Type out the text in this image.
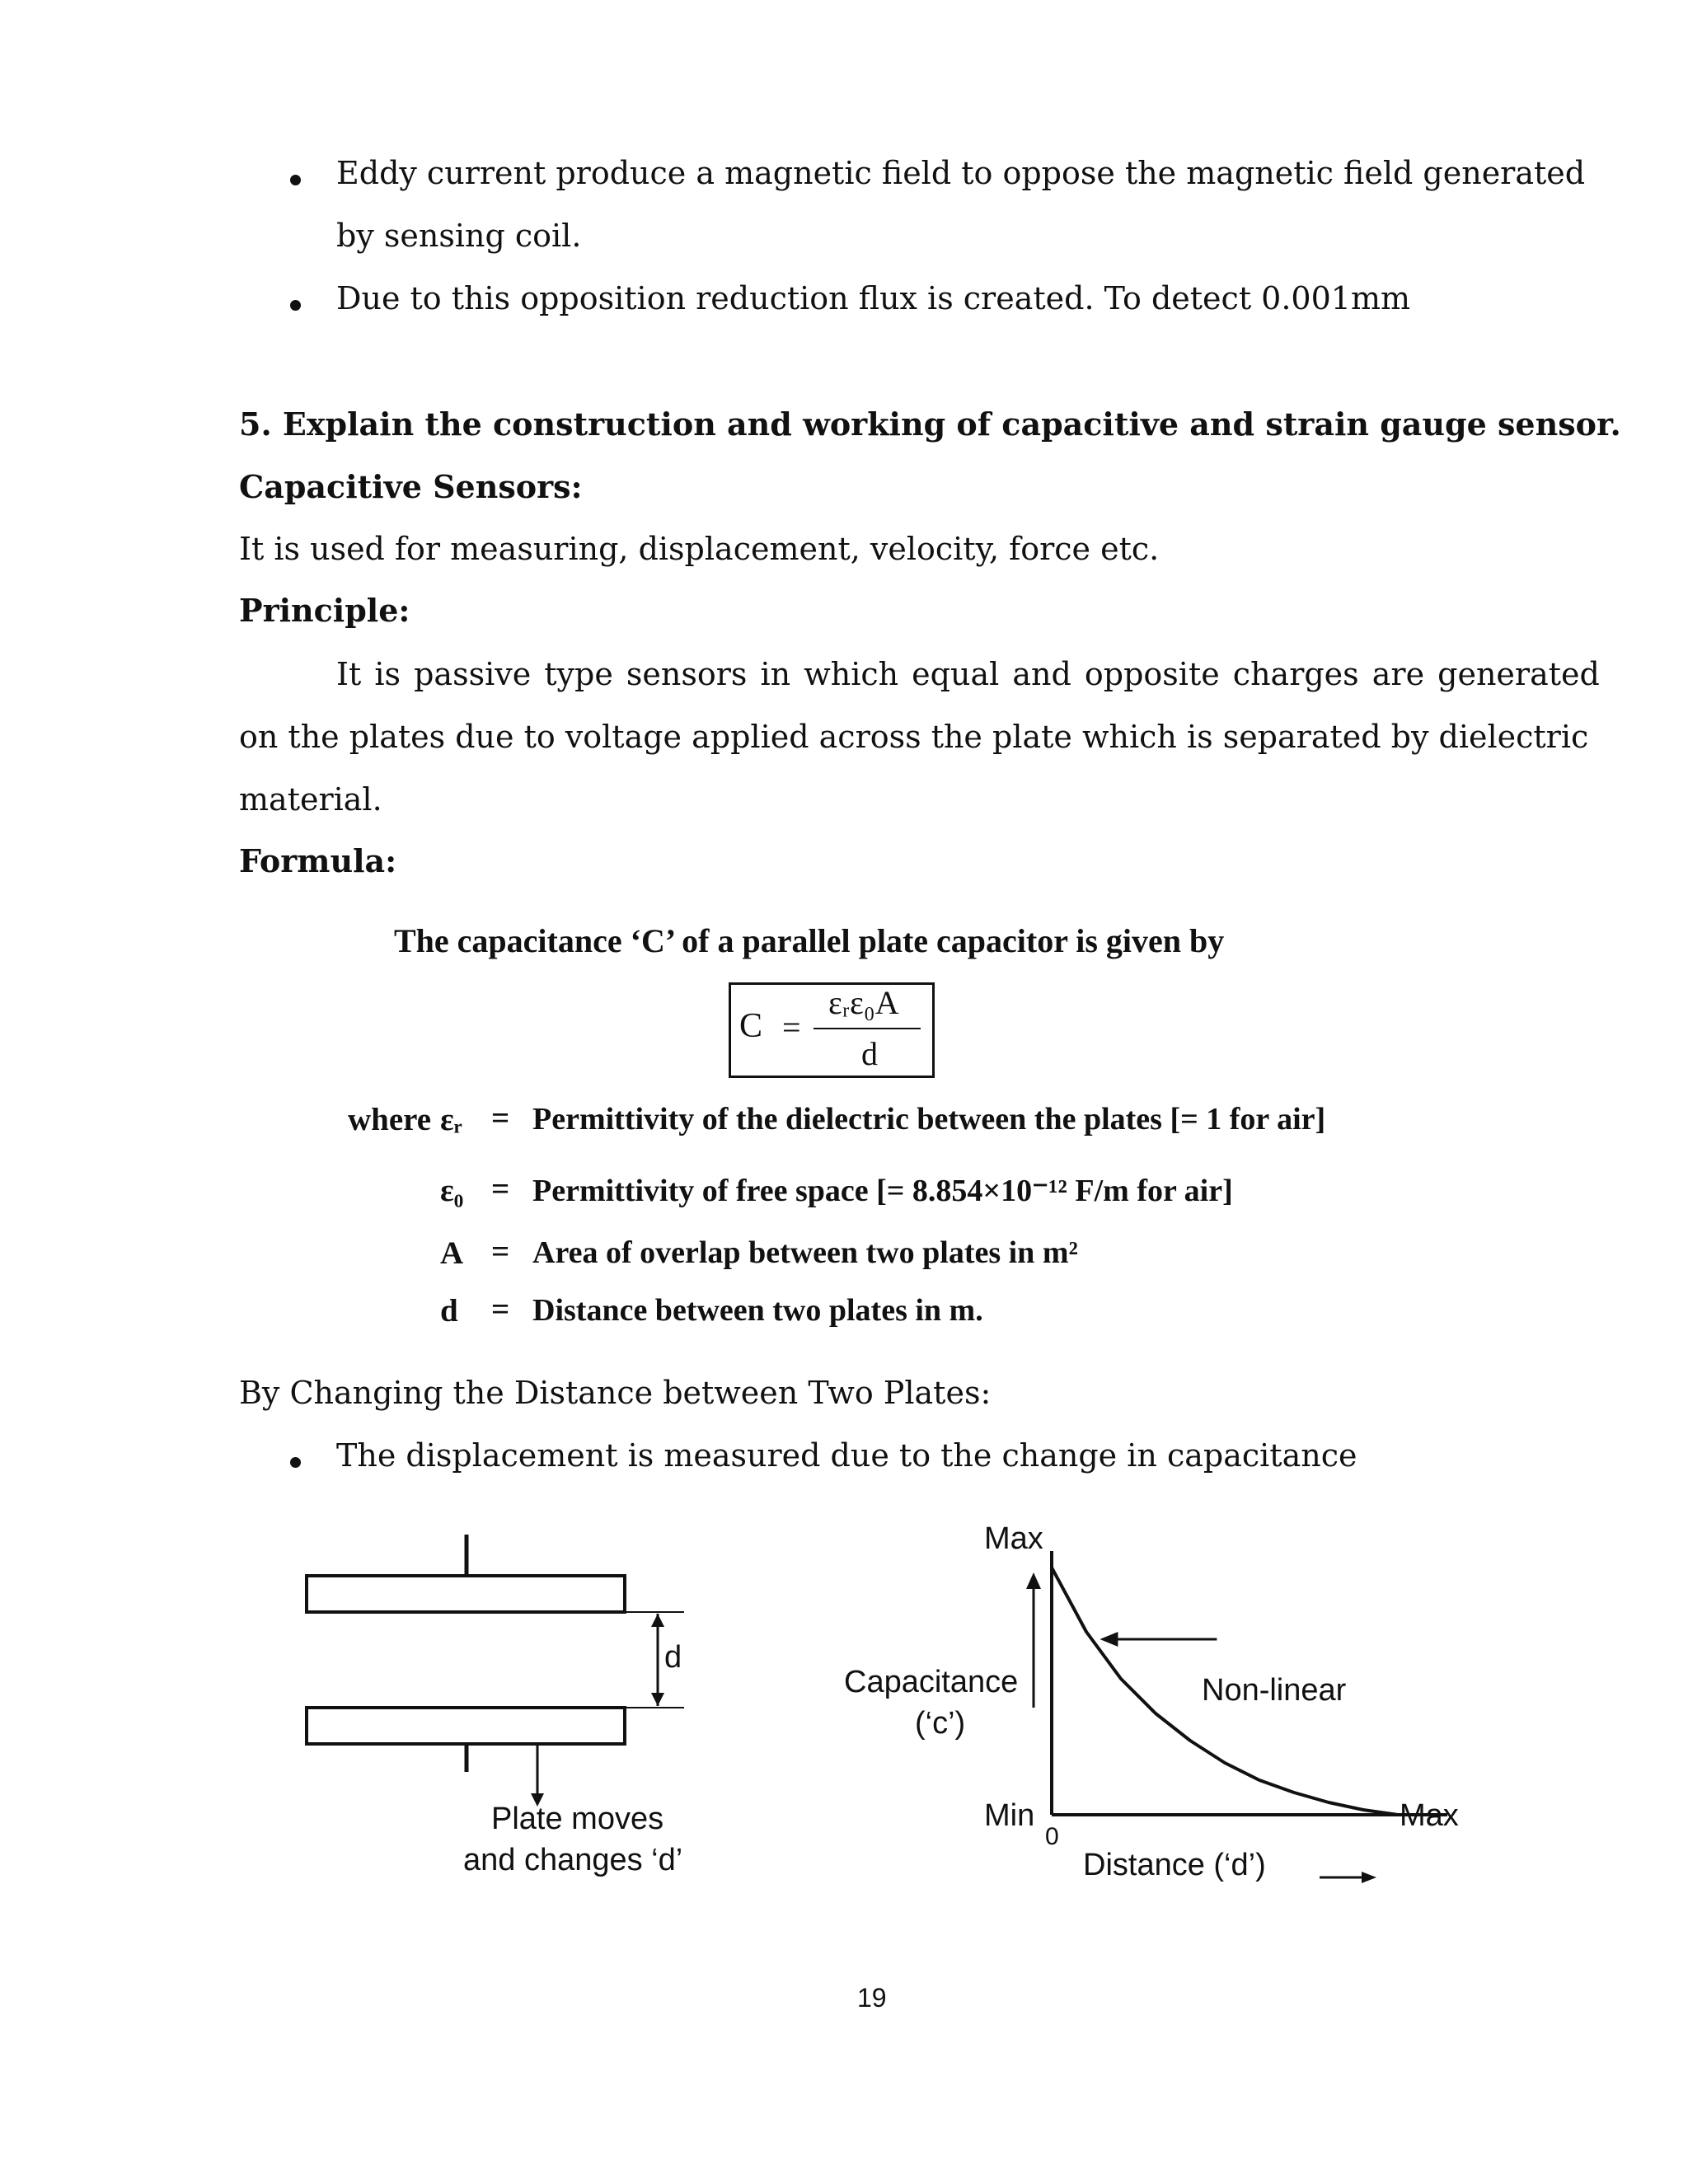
Eddy current produce a magnetic field to oppose the magnetic field generated
by sensing coil.
Due to this opposition reduction flux is created. To detect 0.001mm
5. Explain the construction and working of capacitive and strain gauge sensor.
Capacitive Sensors:
It is used for measuring, displacement, velocity, force etc.
Principle:
It is passive type sensors in which equal and opposite charges are generated
on the plates due to voltage applied across the plate which is separated by dielectric
material.
Formula:
The capacitance ‘C’ of a parallel plate capacitor is given by
C =
εᵣε₀A
d
where εᵣ = Permittivity of the dielectric between the plates [= 1 for air]
ε₀ = Permittivity of free space [= 8.854×10⁻¹² F/m for air]
A = Area of overlap between two plates in m²
d = Distance between two plates in m.
By Changing the Distance between Two Plates:
The displacement is measured due to the change in capacitance
d
Plate moves
and changes ‘d’
Max
Capacitance
(‘c’)
Min
0
Max
Distance (‘d’)
Non-linear
19
